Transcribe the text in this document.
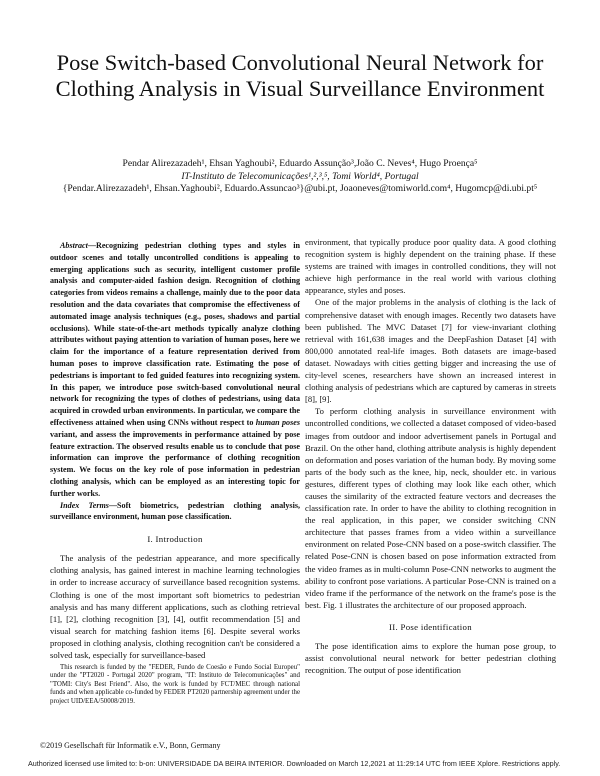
Pose Switch-based Convolutional Neural Network for Clothing Analysis in Visual Surveillance Environment
Pendar Alirezazadeh¹, Ehsan Yaghoubi², Eduardo Assunção³,João C. Neves⁴, Hugo Proença⁵
IT-Instituto de Telecomunicações¹,²,³,⁵, Tomi World⁴, Portugal
{Pendar.Alirezazadeh¹, Ehsan.Yaghoubi², Eduardo.Assuncao³}@ubi.pt, Joaoneves@tomiworld.com⁴, Hugomcp@di.ubi.pt⁵

Abstract—Recognizing pedestrian clothing types and styles in outdoor scenes and totally uncontrolled conditions is appealing to emerging applications such as security, intelligent customer profile analysis and computer-aided fashion design. Recognition of clothing categories from videos remains a challenge, mainly due to the poor data resolution and the data covariates that compromise the effectiveness of automated image analysis techniques (e.g., poses, shadows and partial occlusions). While state-of-the-art methods typically analyze clothing attributes without paying attention to variation of human poses, here we claim for the importance of a feature representation derived from human poses to improve classification rate. Estimating the pose of pedestrians is important to fed guided features into recognizing system. In this paper, we introduce pose switch-based convolutional neural network for recognizing the types of clothes of pedestrians, using data acquired in crowded urban environments. In particular, we compare the effectiveness attained when using CNNs without respect to human poses variant, and assess the improvements in performance attained by pose feature extraction. The observed results enable us to conclude that pose information can improve the performance of clothing recognition system. We focus on the key role of pose information in pedestrian clothing analysis, which can be employed as an interesting topic for further works.

Index Terms—Soft biometrics, pedestrian clothing analysis, surveillance environment, human pose classification.

I. Introduction

The analysis of the pedestrian appearance, and more specifically clothing analysis, has gained interest in machine learning technologies in order to increase accuracy of surveillance based recognition systems. Clothing is one of the most important soft biometrics to pedestrian analysis and has many different applications, such as clothing retrieval [1], [2], clothing recognition [3], [4], outfit recommendation [5] and visual search for matching fashion items [6]. Despite several works proposed in clothing analysis, clothing recognition can't be considered a solved task, especially for surveillance-based

This research is funded by the "FEDER, Fundo de Coesão e Fundo Social Europeu" under the "PT2020 - Portugal 2020" program, "IT: Instituto de Telecomunicações" and "TOMI: City's Best Friend". Also, the work is funded by FCT/MEC through national funds and when applicable co-funded by FEDER PT2020 partnership agreement under the project UID/EEA/50008/2019.

environment, that typically produce poor quality data. A good clothing recognition system is highly dependent on the training phase. If these systems are trained with images in controlled conditions, they will not achieve high performance in the real world with various clothing appearance, styles and poses.

One of the major problems in the analysis of clothing is the lack of comprehensive dataset with enough images. Recently two datasets have been published. The MVC Dataset [7] for view-invariant clothing retrieval with 161,638 images and the DeepFashion Dataset [4] with 800,000 annotated real-life images. Both datasets are image-based dataset. Nowadays with cities getting bigger and increasing the use of city-level scenes, researchers have shown an increased interest in clothing analysis of pedestrians which are captured by cameras in streets [8], [9].

To perform clothing analysis in surveillance environment with uncontrolled conditions, we collected a dataset composed of video-based images from outdoor and indoor advertisement panels in Portugal and Brazil. On the other hand, clothing attribute analysis is highly dependent on deformation and poses variation of the human body. By moving some parts of the body such as the knee, hip, neck, shoulder etc. in various gestures, different types of clothing may look like each other, which causes the similarity of the extracted feature vectors and decreases the classification rate. In order to have the ability to clothing recognition in the real application, in this paper, we consider switching CNN architecture that passes frames from a video within a surveillance environment on related Pose-CNN based on a pose-switch classifier. The related Pose-CNN is chosen based on pose information extracted from the video frames as in multi-column Pose-CNN networks to augment the ability to confront pose variations. A particular Pose-CNN is trained on a video frame if the performance of the network on the frame's pose is the best. Fig. 1 illustrates the architecture of our proposed approach.

II. Pose identification

The pose identification aims to explore the human pose group, to assist convolutional neural network for better pedestrian clothing recognition. The output of pose identification

©2019 Gesellschaft für Informatik e.V., Bonn, Germany
Authorized licensed use limited to: b-on: UNIVERSIDADE DA BEIRA INTERIOR. Downloaded on March 12,2021 at 11:29:14 UTC from IEEE Xplore. Restrictions apply.
